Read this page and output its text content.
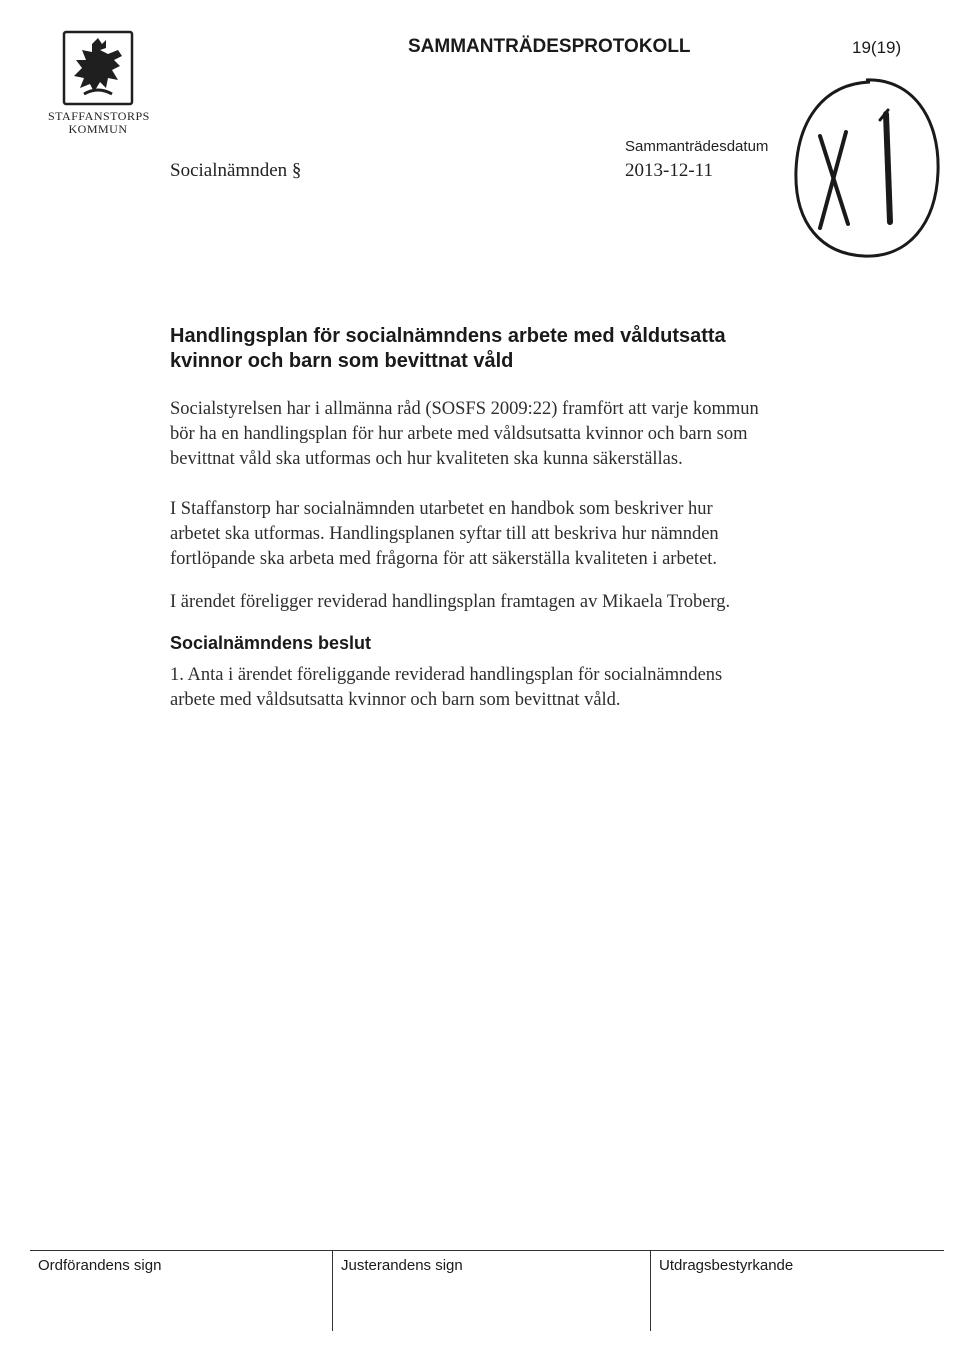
STAFFANSTORPS
KOMMUN
SAMMANTRÄDESPROTOKOLL	19(19)
Socialnämnden §
Sammanträdesdatum
2013-12-11
Handlingsplan för socialnämndens arbete med våldutsatta
kvinnor och barn som bevittnat våld
Socialstyrelsen har i allmänna råd (SOSFS 2009:22) framfört att varje kommun
bör ha en handlingsplan för hur arbete med våldsutsatta kvinnor och barn som
bevittnat våld ska utformas och hur kvaliteten ska kunna säkerställas.
I Staffanstorp har socialnämnden utarbetet en handbok som beskriver hur
arbetet ska utformas. Handlingsplanen syftar till att beskriva hur nämnden
fortlöpande ska arbeta med frågorna för att säkerställa kvaliteten i arbetet.
I ärendet föreligger reviderad handlingsplan framtagen av Mikaela Troberg.
Socialnämndens beslut
1. Anta i ärendet föreliggande reviderad handlingsplan för socialnämndens
arbete med våldsutsatta kvinnor och barn som bevittnat våld.
Ordförandens sign	Justerandens sign	Utdragsbestyrkande
